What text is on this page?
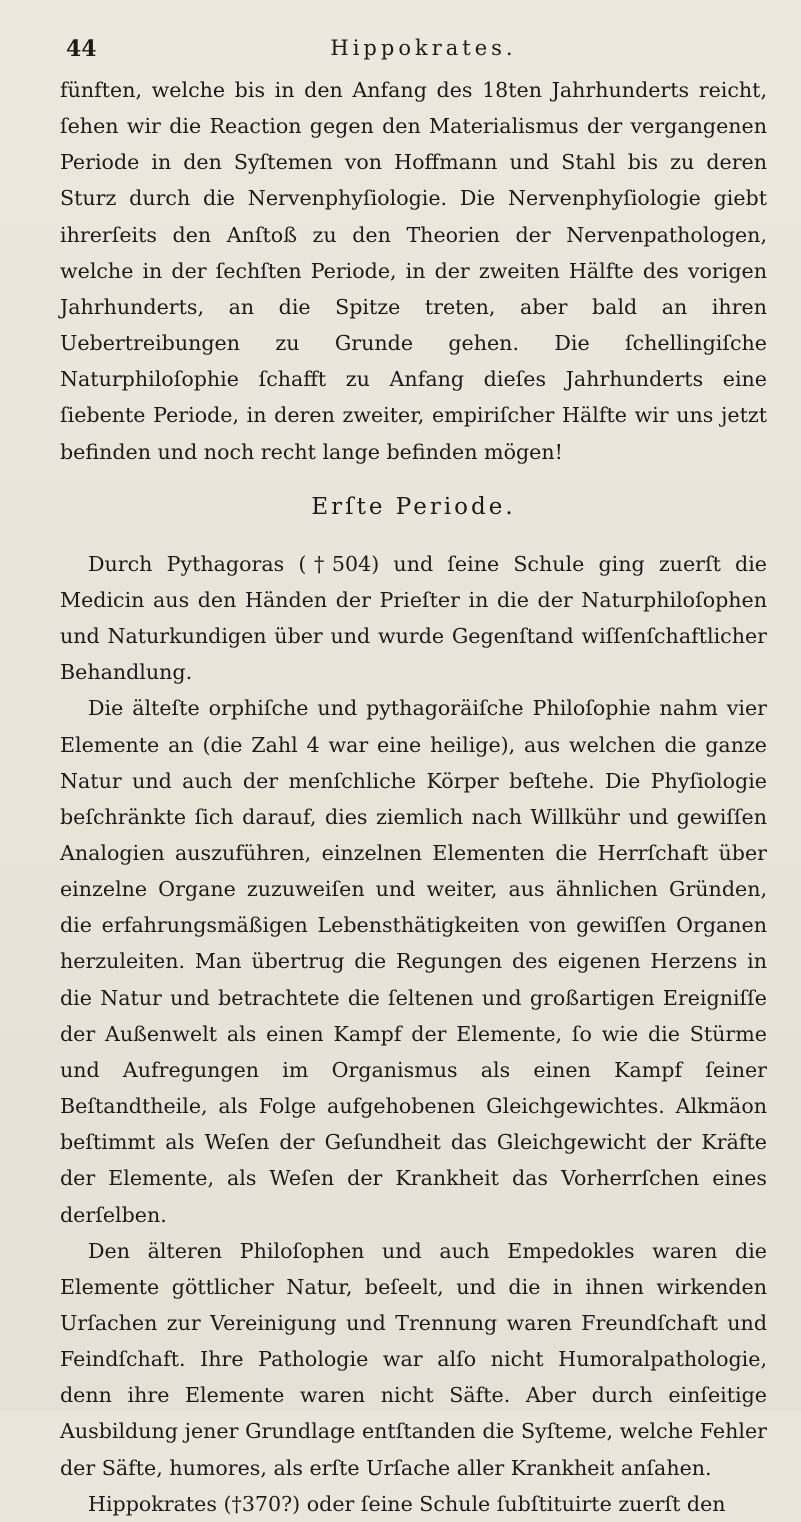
44	Hippokrates.

fünften, welche bis in den Anfang des 18ten Jahrhunderts reicht, ſehen wir die Reaction gegen den Materialismus der vergangenen Periode in den Syſtemen von Hoffmann und Stahl bis zu deren Sturz durch die Nervenphyſiologie. Die Nervenphyſiologie giebt ihrerſeits den Anſtoß zu den Theorien der Nervenpathologen, welche in der ſechſten Periode, in der zweiten Hälfte des vorigen Jahrhunderts, an die Spitze treten, aber bald an ihren Uebertreibungen zu Grunde gehen. Die ſchellingiſche Naturphiloſophie ſchafft zu Anfang dieſes Jahrhunderts eine ſiebente Periode, in deren zweiter, empiriſcher Hälfte wir uns jetzt befinden und noch recht lange befinden mögen!

Erſte Periode.

Durch Pythagoras (†504) und ſeine Schule ging zuerſt die Medicin aus den Händen der Prieſter in die der Naturphiloſophen und Naturkundigen über und wurde Gegenſtand wiſſenſchaftlicher Behandlung.

Die älteſte orphiſche und pythagoräiſche Philoſophie nahm vier Elemente an (die Zahl 4 war eine heilige), aus welchen die ganze Natur und auch der menſchliche Körper beſtehe. Die Phyſiologie beſchränkte ſich darauf, dies ziemlich nach Willkühr und gewiſſen Analogien auszuführen, einzelnen Elementen die Herrſchaft über einzelne Organe zuzuweiſen und weiter, aus ähnlichen Gründen, die erfahrungsmäßigen Lebensthätigkeiten von gewiſſen Organen herzuleiten. Man übertrug die Regungen des eigenen Herzens in die Natur und betrachtete die ſeltenen und großartigen Ereigniſſe der Außenwelt als einen Kampf der Elemente, ſo wie die Stürme und Aufregungen im Organismus als einen Kampf ſeiner Beſtandtheile, als Folge aufgehobenen Gleichgewichtes. Alkmäon beſtimmt als Weſen der Geſundheit das Gleichgewicht der Kräfte der Elemente, als Weſen der Krankheit das Vorherrſchen eines derſelben.

Den älteren Philoſophen und auch Empedokles waren die Elemente göttlicher Natur, beſeelt, und die in ihnen wirkenden Urſachen zur Vereinigung und Trennung waren Freundſchaft und Feindſchaft. Ihre Pathologie war alſo nicht Humoralpathologie, denn ihre Elemente waren nicht Säfte. Aber durch einſeitige Ausbildung jener Grundlage entſtanden die Syſteme, welche Fehler der Säfte, humores, als erſte Urſache aller Krankheit anſahen.

Hippokrates (†370?) oder ſeine Schule ſubſtituirte zuerſt den
